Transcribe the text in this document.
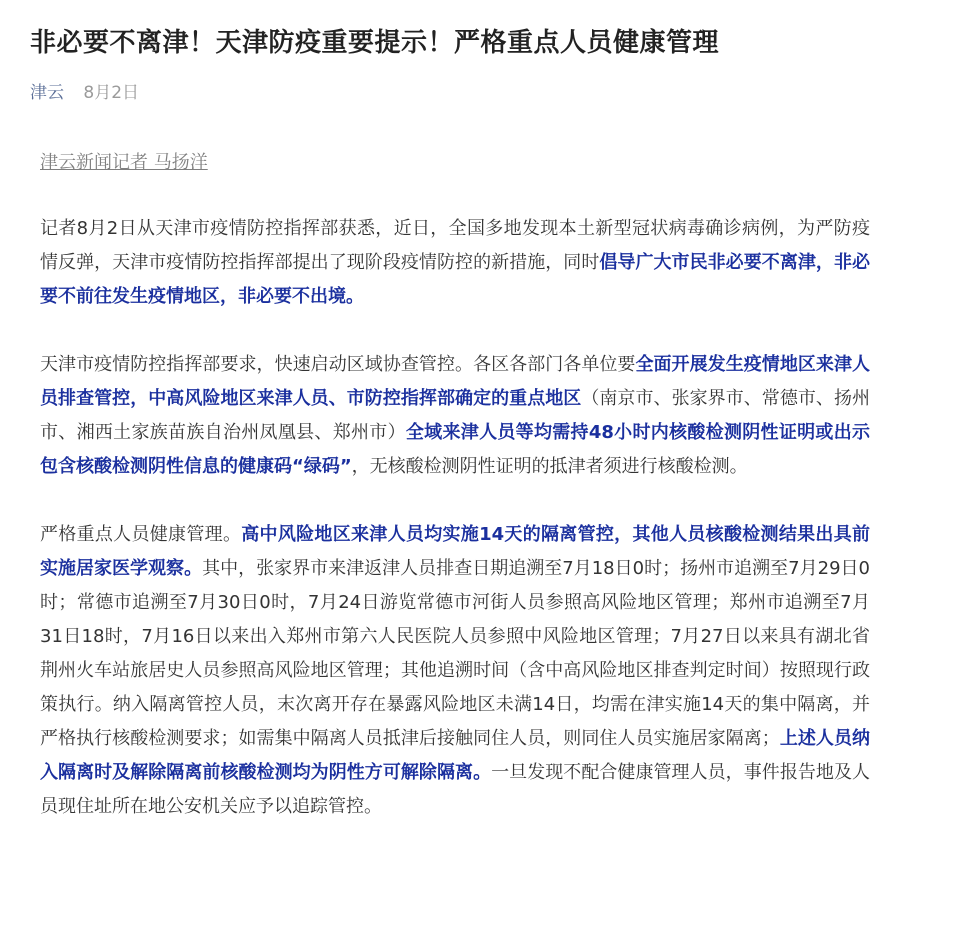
非必要不离津！天津防疫重要提示！严格重点人员健康管理
津云 8月2日
津云新闻记者 马扬洋

记者8月2日从天津市疫情防控指挥部获悉，近日，全国多地发现本土新型冠状病毒确诊病例，为严防疫情反弹，天津市疫情防控指挥部提出了现阶段疫情防控的新措施，同时倡导广大市民非必要不离津，非必要不前往发生疫情地区，非必要不出境。

天津市疫情防控指挥部要求，快速启动区域协查管控。各区各部门各单位要全面开展发生疫情地区来津人员排查管控，中高风险地区来津人员、市防控指挥部确定的重点地区（南京市、张家界市、常德市、扬州市、湘西土家族苗族自治州凤凰县、郑州市）全域来津人员等均需持48小时内核酸检测阴性证明或出示包含核酸检测阴性信息的健康码“绿码”，无核酸检测阴性证明的抵津者须进行核酸检测。

严格重点人员健康管理。高中风险地区来津人员均实施14天的隔离管控，其他人员核酸检测结果出具前实施居家医学观察。其中，张家界市来津返津人员排查日期追溯至7月18日0时；扬州市追溯至7月29日0时；常德市追溯至7月30日0时，7月24日游览常德市河街人员参照高风险地区管理；郑州市追溯至7月31日18时，7月16日以来出入郑州市第六人民医院人员参照中风险地区管理；7月27日以来具有湖北省荆州火车站旅居史人员参照高风险地区管理；其他追溯时间（含中高风险地区排查判定时间）按照现行政策执行。纳入隔离管控人员，末次离开存在暴露风险地区未满14日，均需在津实施14天的集中隔离，并严格执行核酸检测要求；如需集中隔离人员抵津后接触同住人员，则同住人员实施居家隔离；上述人员纳入隔离时及解除隔离前核酸检测均为阴性方可解除隔离。一旦发现不配合健康管理人员，事件报告地及人员现住址所在地公安机关应予以追踪管控。
